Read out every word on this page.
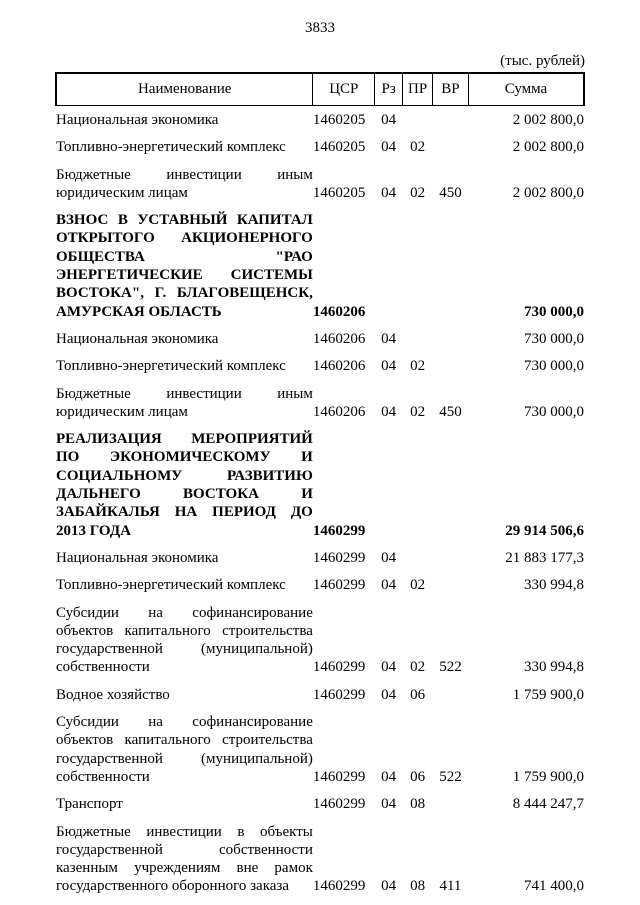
3833
(тыс. рублей)
Наименование	ЦСР	Рз	ПР	ВР	Сумма
Национальная экономика	1460205	04			2 002 800,0
Топливно-энергетический комплекс	1460205	04	02		2 002 800,0
Бюджетные инвестиции иным юридическим лицам	1460205	04	02	450	2 002 800,0
ВЗНОС В УСТАВНЫЙ КАПИТАЛ ОТКРЫТОГО АКЦИОНЕРНОГО ОБЩЕСТВА "РАО ЭНЕРГЕТИЧЕСКИЕ СИСТЕМЫ ВОСТОКА", Г. БЛАГОВЕЩЕНСК, АМУРСКАЯ ОБЛАСТЬ	1460206				730 000,0
Национальная экономика	1460206	04			730 000,0
Топливно-энергетический комплекс	1460206	04	02		730 000,0
Бюджетные инвестиции иным юридическим лицам	1460206	04	02	450	730 000,0
РЕАЛИЗАЦИЯ МЕРОПРИЯТИЙ ПО ЭКОНОМИЧЕСКОМУ И СОЦИАЛЬНОМУ РАЗВИТИЮ ДАЛЬНЕГО ВОСТОКА И ЗАБАЙКАЛЬЯ НА ПЕРИОД ДО 2013 ГОДА	1460299				29 914 506,6
Национальная экономика	1460299	04			21 883 177,3
Топливно-энергетический комплекс	1460299	04	02		330 994,8
Субсидии на софинансирование объектов капитального строительства государственной (муниципальной) собственности	1460299	04	02	522	330 994,8
Водное хозяйство	1460299	04	06		1 759 900,0
Субсидии на софинансирование объектов капитального строительства государственной (муниципальной) собственности	1460299	04	06	522	1 759 900,0
Транспорт	1460299	04	08		8 444 247,7
Бюджетные инвестиции в объекты государственной собственности казенным учреждениям вне рамок государственного оборонного заказа	1460299	04	08	411	741 400,0
